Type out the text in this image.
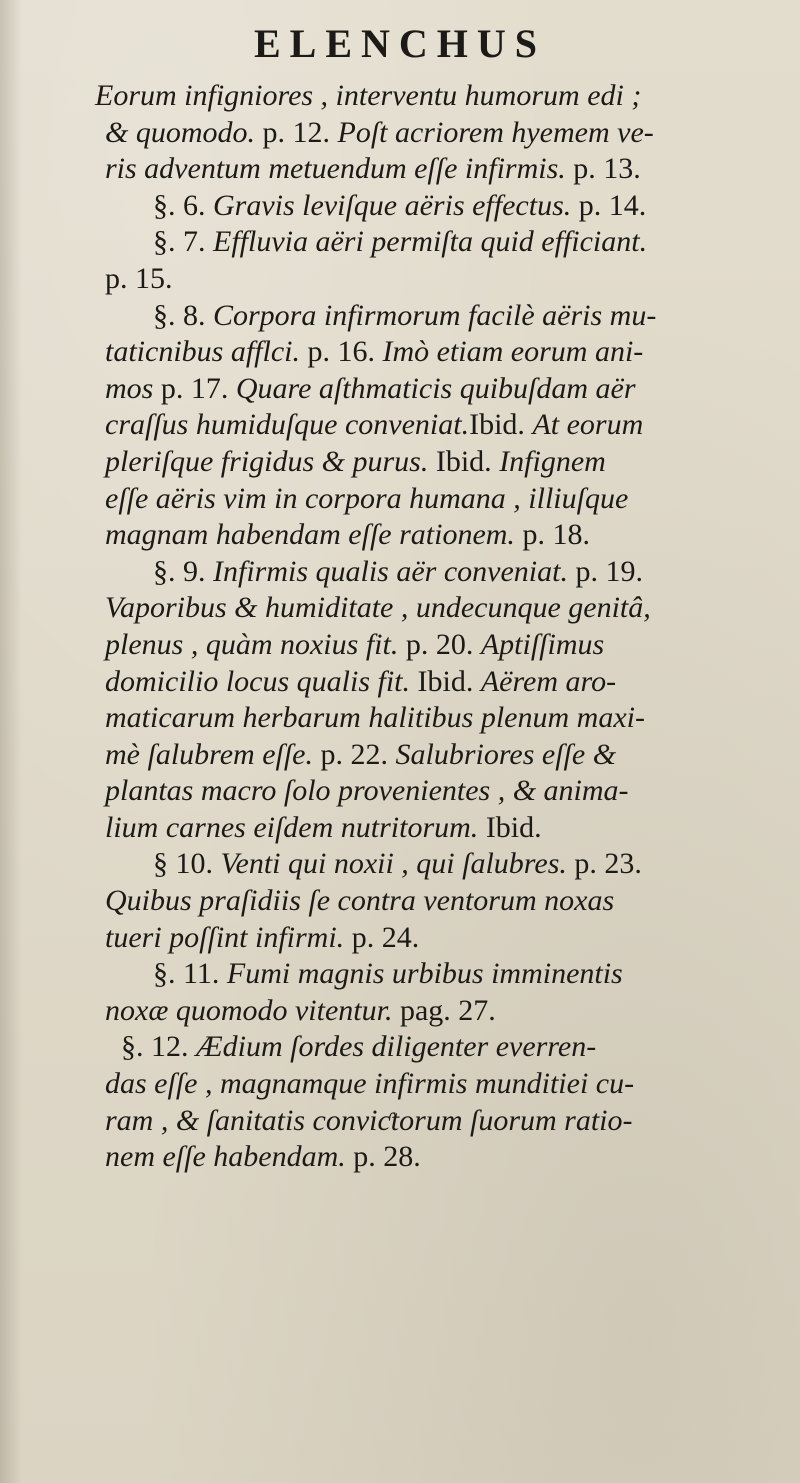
ELENCHUS
Eorum infigniores , interventu humorum edi ;
& quomodo. p. 12. Poſt acriorem hyemem ve-
ris adventum metuendum eſſe infirmis. p. 13.
§. 6. Gravis leviſque aëris effectus. p. 14.
§. 7. Effluvia aëri permiſta quid efficiant.
p. 15.
§. 8. Corpora infirmorum facilè aëris mu-
taticnibus afflci. p. 16. Imò etiam eorum ani-
mos p. 17. Quare aſthmaticis quibuſdam aër
craſſus humiduſque conveniat.Ibid. At eorum
pleriſque frigidus & purus. Ibid. Infignem
eſſe aëris vim in corpora humana , illiuſque
magnam habendam eſſe rationem. p. 18.
§. 9. Infirmis qualis aër conveniat. p. 19.
Vaporibus & humiditate , undecunque genitâ,
plenus , quàm noxius fit. p. 20. Aptiſſimus
domicilio locus qualis fit. Ibid. Aërem aro-
maticarum herbarum halitibus plenum maxi-
mè ſalubrem eſſe. p. 22. Salubriores eſſe &
plantas macro ſolo provenientes , & anima-
lium carnes eiſdem nutritorum. Ibid.
§ 10. Venti qui noxii , qui ſalubres. p. 23.
Quibus praſidiis ſe contra ventorum noxas
tueri poſſint infirmi. p. 24.
§. 11. Fumi magnis urbibus imminentis
noxæ quomodo vitentur. pag. 27.
§. 12. Ædium ſordes diligenter everren-
das eſſe , magnamque infirmis munditiei cu-
ram , & ſanitatis conviƈtorum ſuorum ratio-
nem eſſe habendam. p. 28.
